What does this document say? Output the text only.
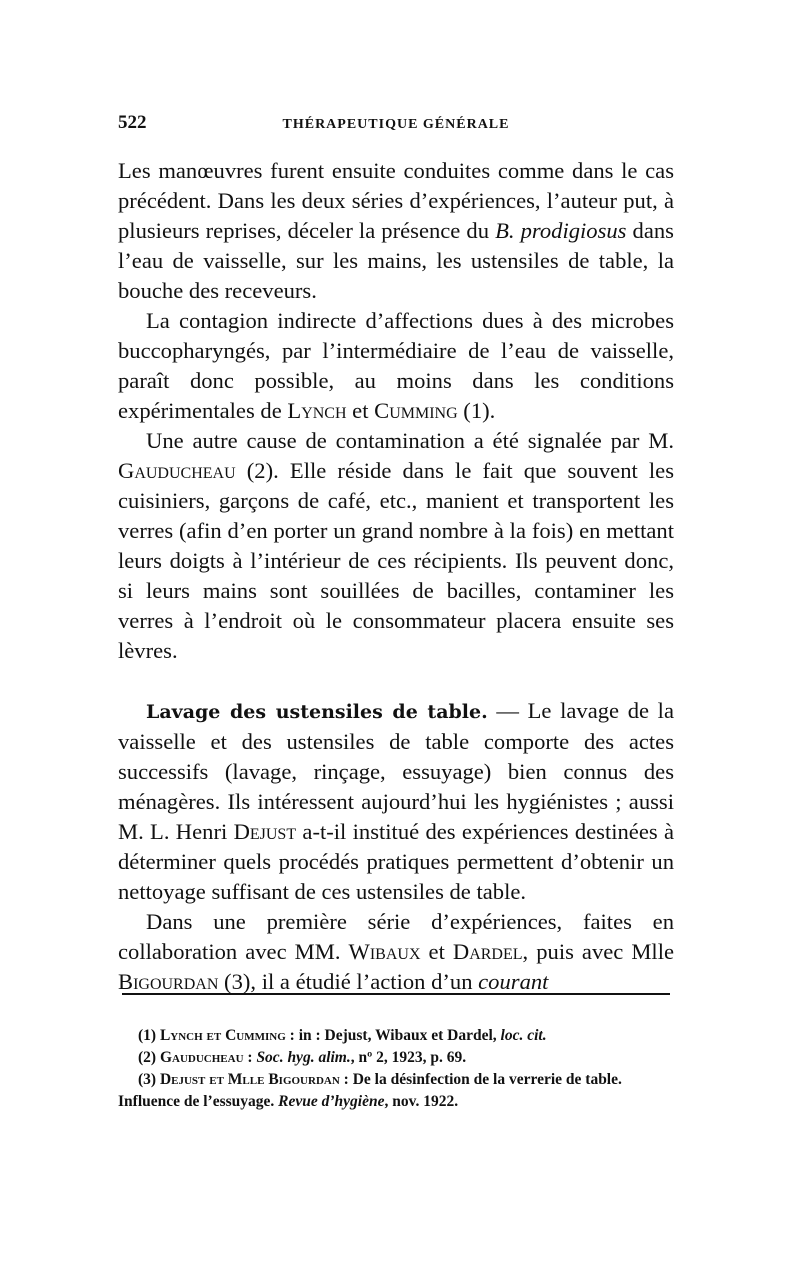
522	THÉRAPEUTIQUE GÉNÉRALE

Les manœuvres furent ensuite conduites comme dans le cas précédent. Dans les deux séries d’expériences, l’auteur put, à plusieurs reprises, déceler la présence du B. prodigiosus dans l’eau de vaisselle, sur les mains, les ustensiles de table, la bouche des receveurs.

La contagion indirecte d’affections dues à des microbes buccopharyngés, par l’intermédiaire de l’eau de vaisselle, paraît donc possible, au moins dans les conditions expérimentales de Lynch et Cumming (1).

Une autre cause de contamination a été signalée par M. Gauducheau (2). Elle réside dans le fait que souvent les cuisiniers, garçons de café, etc., manient et transportent les verres (afin d’en porter un grand nombre à la fois) en mettant leurs doigts à l’intérieur de ces récipients. Ils peuvent donc, si leurs mains sont souillées de bacilles, contaminer les verres à l’endroit où le consommateur placera ensuite ses lèvres.

Lavage des ustensiles de table. — Le lavage de la vaisselle et des ustensiles de table comporte des actes successifs (lavage, rinçage, essuyage) bien connus des ménagères. Ils intéressent aujourd’hui les hygiénistes ; aussi M. L. Henri Dejust a-t-il institué des expériences destinées à déterminer quels procédés pratiques permettent d’obtenir un nettoyage suffisant de ces ustensiles de table.

Dans une première série d’expériences, faites en collaboration avec MM. Wibaux et Dardel, puis avec Mlle Bigourdan (3), il a étudié l’action d’un courant

(1) Lynch et Cumming : in : Dejust, Wibaux et Dardel, loc. cit.

(2) Gauducheau : Soc. hyg. alim., nº 2, 1923, p. 69.

(3) Dejust et Mlle Bigourdan : De la désinfection de la verrerie de table. Influence de l’essuyage. Revue d’hygiène, nov. 1922.
